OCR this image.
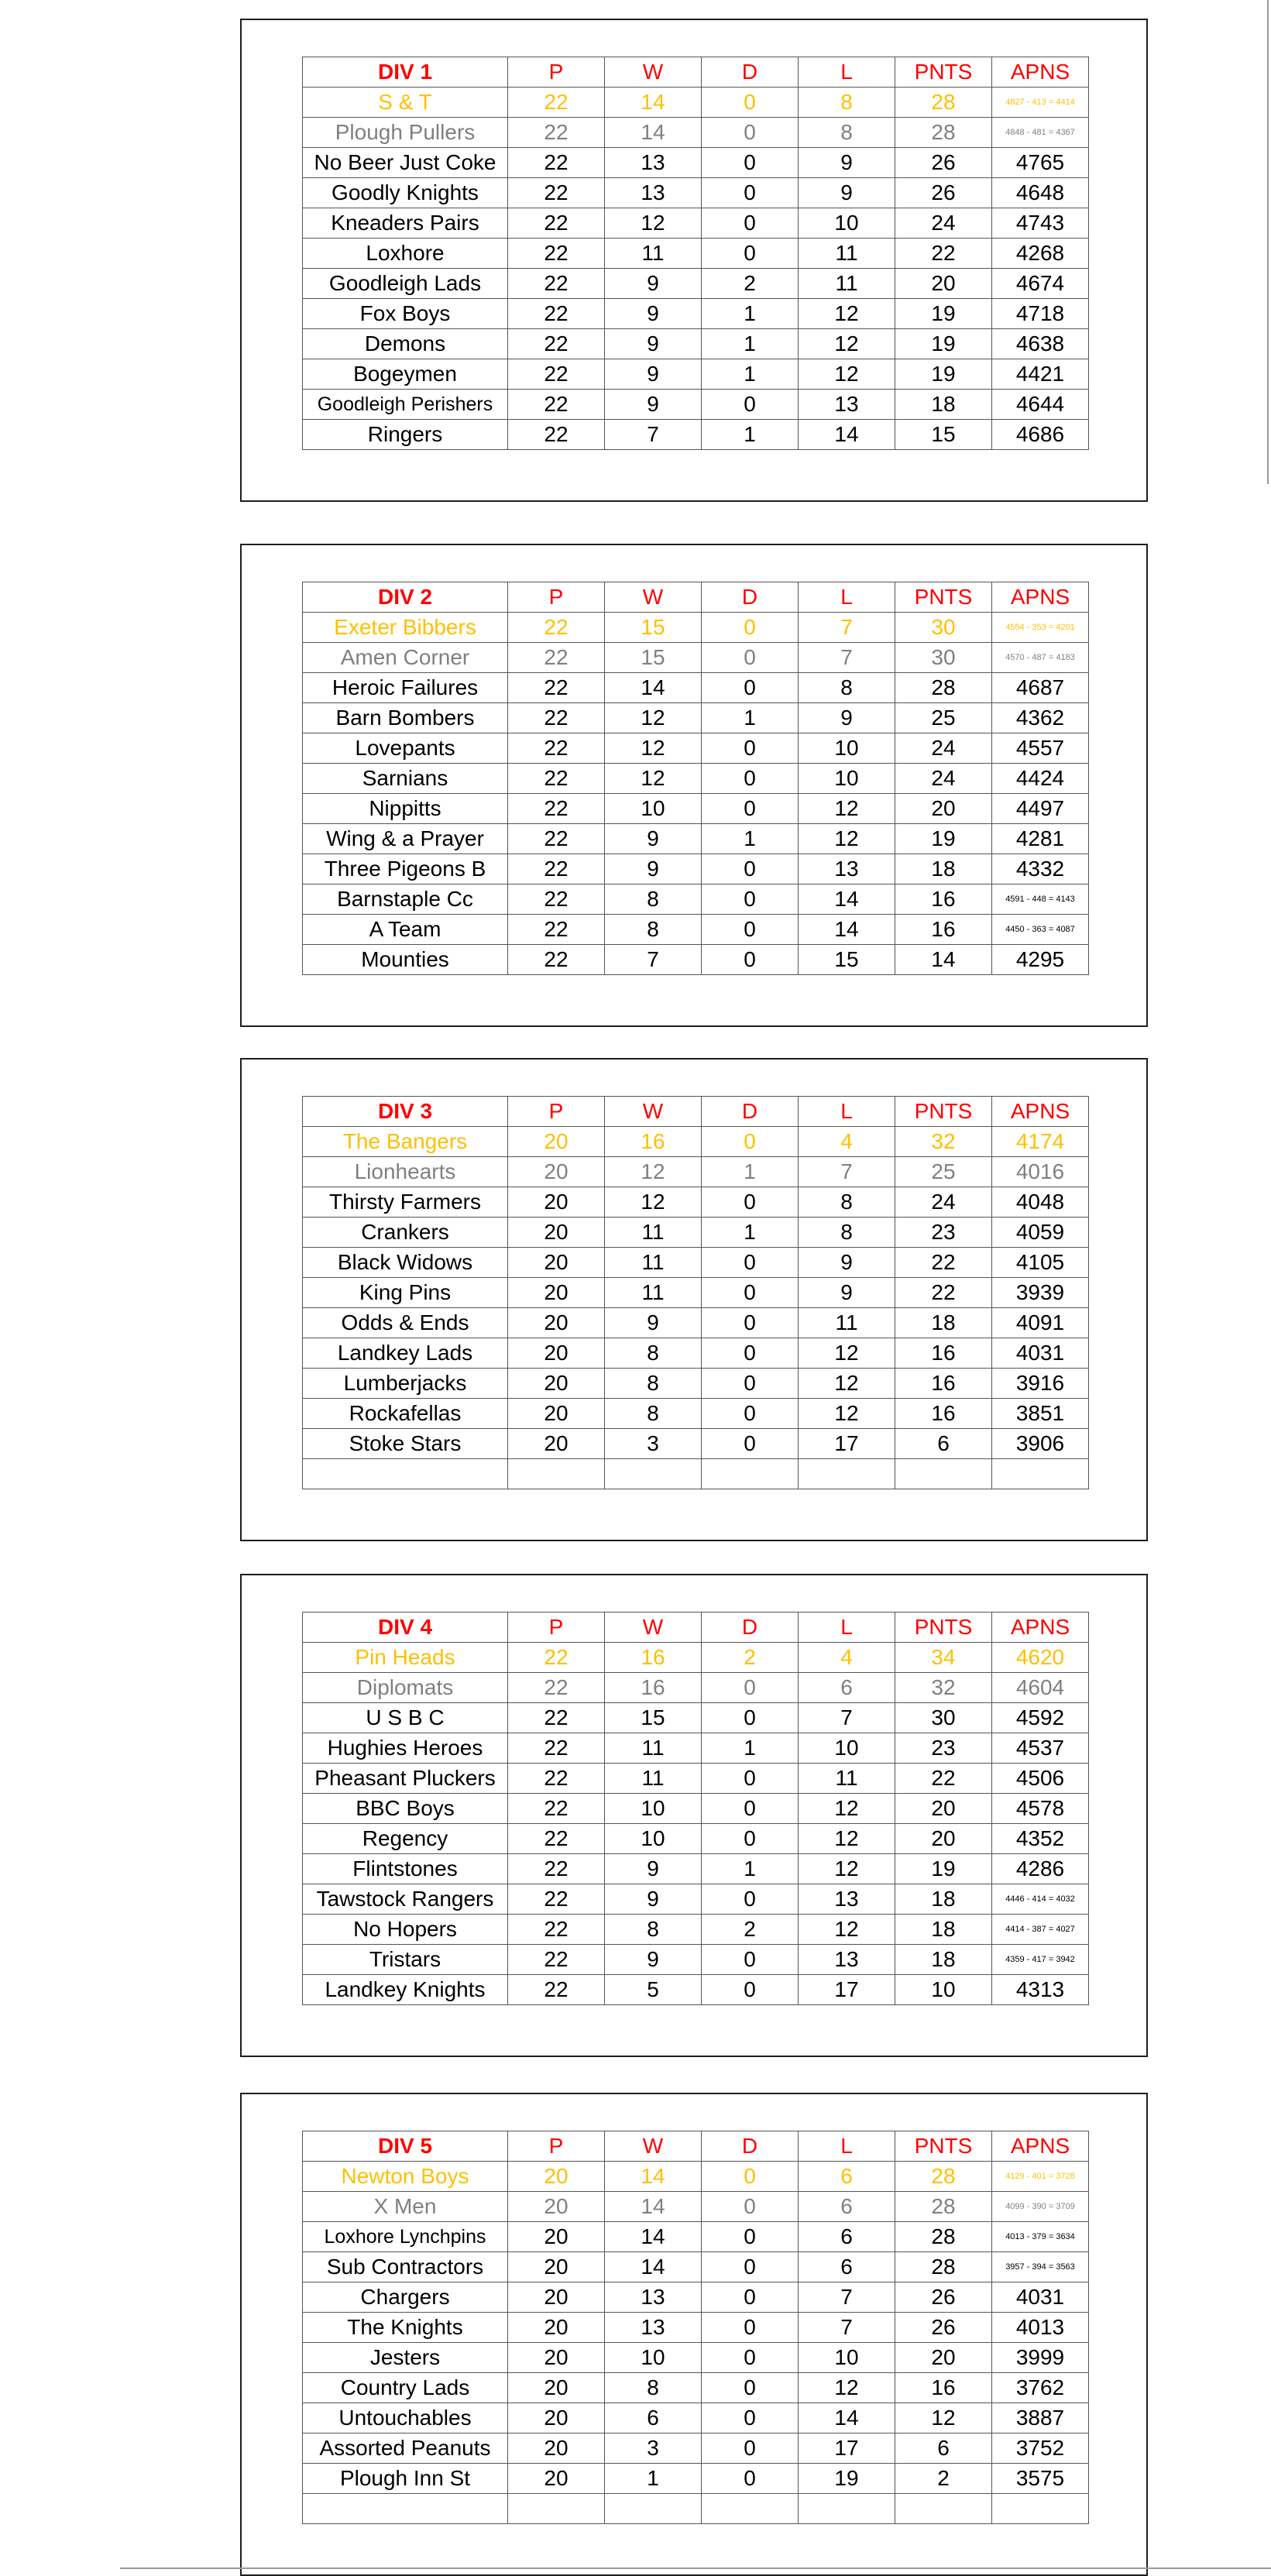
DIV 1	P	W	D	L	PNTS	APNS
S & T	22	14	0	8	28	4827 - 413 = 4414
Plough Pullers	22	14	0	8	28	4848 - 481 = 4367
No Beer Just Coke	22	13	0	9	26	4765
Goodly Knights	22	13	0	9	26	4648
Kneaders Pairs	22	12	0	10	24	4743
Loxhore	22	11	0	11	22	4268
Goodleigh Lads	22	9	2	11	20	4674
Fox Boys	22	9	1	12	19	4718
Demons	22	9	1	12	19	4638
Bogeymen	22	9	1	12	19	4421
Goodleigh Perishers	22	9	0	13	18	4644
Ringers	22	7	1	14	15	4686
DIV 2	P	W	D	L	PNTS	APNS
Exeter Bibbers	22	15	0	7	30	4554 - 353 = 4201
Amen Corner	22	15	0	7	30	4570 - 487 = 4183
Heroic Failures	22	14	0	8	28	4687
Barn Bombers	22	12	1	9	25	4362
Lovepants	22	12	0	10	24	4557
Sarnians	22	12	0	10	24	4424
Nippitts	22	10	0	12	20	4497
Wing & a Prayer	22	9	1	12	19	4281
Three Pigeons B	22	9	0	13	18	4332
Barnstaple Cc	22	8	0	14	16	4591 - 448 = 4143
A Team	22	8	0	14	16	4450 - 363 = 4087
Mounties	22	7	0	15	14	4295
DIV 3	P	W	D	L	PNTS	APNS
The Bangers	20	16	0	4	32	4174
Lionhearts	20	12	1	7	25	4016
Thirsty Farmers	20	12	0	8	24	4048
Crankers	20	11	1	8	23	4059
Black Widows	20	11	0	9	22	4105
King Pins	20	11	0	9	22	3939
Odds & Ends	20	9	0	11	18	4091
Landkey Lads	20	8	0	12	16	4031
Lumberjacks	20	8	0	12	16	3916
Rockafellas	20	8	0	12	16	3851
Stoke Stars	20	3	0	17	6	3906

DIV 4	P	W	D	L	PNTS	APNS
Pin Heads	22	16	2	4	34	4620
Diplomats	22	16	0	6	32	4604
U S B C	22	15	0	7	30	4592
Hughies Heroes	22	11	1	10	23	4537
Pheasant Pluckers	22	11	0	11	22	4506
BBC Boys	22	10	0	12	20	4578
Regency	22	10	0	12	20	4352
Flintstones	22	9	1	12	19	4286
Tawstock Rangers	22	9	0	13	18	4446 - 414 = 4032
No Hopers	22	8	2	12	18	4414 - 387 = 4027
Tristars	22	9	0	13	18	4359 - 417 = 3942
Landkey Knights	22	5	0	17	10	4313
DIV 5	P	W	D	L	PNTS	APNS
Newton Boys	20	14	0	6	28	4129 - 401 = 3728
X Men	20	14	0	6	28	4099 - 390 = 3709
Loxhore Lynchpins	20	14	0	6	28	4013 - 379 = 3634
Sub Contractors	20	14	0	6	28	3957 - 394 = 3563
Chargers	20	13	0	7	26	4031
The Knights	20	13	0	7	26	4013
Jesters	20	10	0	10	20	3999
Country Lads	20	8	0	12	16	3762
Untouchables	20	6	0	14	12	3887
Assorted Peanuts	20	3	0	17	6	3752
Plough Inn St	20	1	0	19	2	3575
